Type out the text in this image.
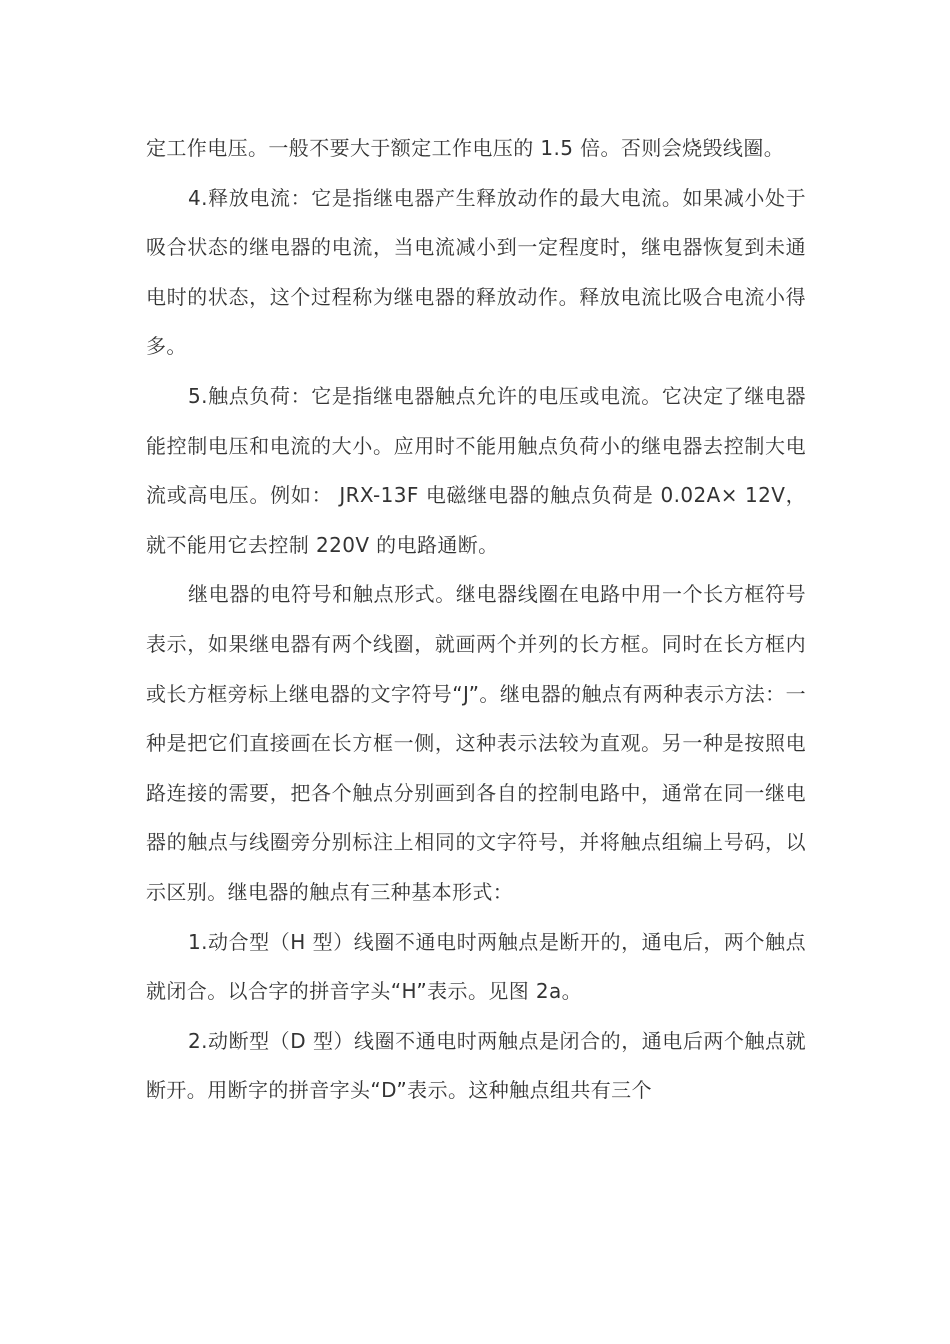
定工作电压。一般不要大于额定工作电压的 1.5 倍。否则会烧毁线圈。

4.释放电流：它是指继电器产生释放动作的最大电流。如果减小处于吸合状态的继电器的电流，当电流减小到一定程度时，继电器恢复到未通电时的状态，这个过程称为继电器的释放动作。释放电流比吸合电流小得多。

5.触点负荷：它是指继电器触点允许的电压或电流。它决定了继电器能控制电压和电流的大小。应用时不能用触点负荷小的继电器去控制大电流或高电压。例如： JRX-13F 电磁继电器的触点负荷是 0.02A× 12V，就不能用它去控制 220V 的电路通断。

继电器的电符号和触点形式。继电器线圈在电路中用一个长方框符号表示，如果继电器有两个线圈，就画两个并列的长方框。同时在长方框内或长方框旁标上继电器的文字符号“J”。继电器的触点有两种表示方法：一种是把它们直接画在长方框一侧，这种表示法较为直观。另一种是按照电路连接的需要，把各个触点分别画到各自的控制电路中，通常在同一继电器的触点与线圈旁分别标注上相同的文字符号，并将触点组编上号码，以示区别。继电器的触点有三种基本形式：

1.动合型（H 型）线圈不通电时两触点是断开的，通电后，两个触点就闭合。以合字的拼音字头“H”表示。见图 2a。

2.动断型（D 型）线圈不通电时两触点是闭合的，通电后两个触点就断开。用断字的拼音字头“D”表示。这种触点组共有三个
